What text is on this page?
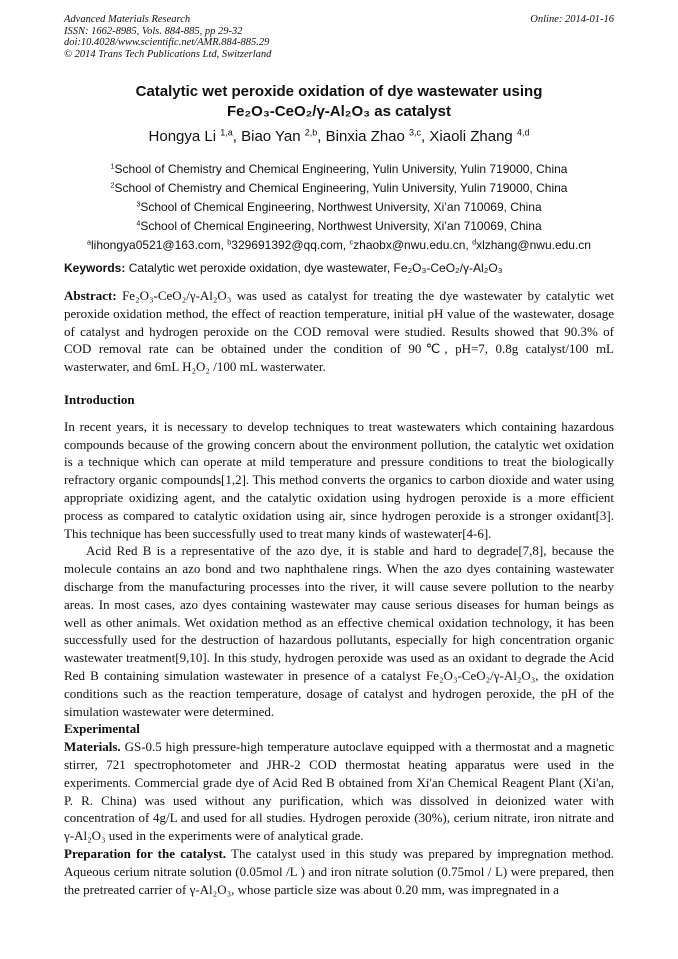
Advanced Materials Research
ISSN: 1662-8985, Vols. 884-885, pp 29-32
doi:10.4028/www.scientific.net/AMR.884-885.29
© 2014 Trans Tech Publications Ltd, Switzerland
Online: 2014-01-16
Catalytic wet peroxide oxidation of dye wastewater using
Fe₂O₃-CeO₂/γ-Al₂O₃ as catalyst
Hongya Li $^{1,a}$, Biao Yan $^{2,b}$, Binxia Zhao $^{3,c}$, Xiaoli Zhang $^{4,d}$
$^1$School of Chemistry and Chemical Engineering, Yulin University, Yulin 719000, China
$^2$School of Chemistry and Chemical Engineering, Yulin University, Yulin 719000, China
$^3$School of Chemical Engineering, Northwest University, Xi’an 710069, China
$^4$School of Chemical Engineering, Northwest University, Xi’an 710069, China
$^a$lihongya0521@163.com, $^b$329691392@qq.com, $^c$zhaobx@nwu.edu.cn, $^d$xlzhang@nwu.edu.cn
Keywords: Catalytic wet peroxide oxidation, dye wastewater, Fe₂O₃-CeO₂/γ-Al₂O₃

Abstract: Fe₂O₃-CeO₂/γ-Al₂O₃ was used as catalyst for treating the dye wastewater by catalytic wet peroxide oxidation method, the effect of reaction temperature, initial pH value of the wastewater, dosage of catalyst and hydrogen peroxide on the COD removal were studied. Results showed that 90.3% of COD removal rate can be obtained under the condition of 90℃, pH=7, 0.8g catalyst/100 mL wasterwater, and 6mL H₂O₂ /100 mL wasterwater.

Introduction

In recent years, it is necessary to develop techniques to treat wastewaters which containing hazardous compounds because of the growing concern about the environment pollution, the catalytic wet oxidation is a technique which can operate at mild temperature and pressure conditions to treat the biologically refractory organic compounds[1,2]. This method converts the organics to carbon dioxide and water using appropriate oxidizing agent, and the catalytic oxidation using hydrogen peroxide is a more efficient process as compared to catalytic oxidation using air, since hydrogen peroxide is a stronger oxidant[3]. This technique has been successfully used to treat many kinds of wastewater[4-6].

Acid Red B is a representative of the azo dye, it is stable and hard to degrade[7,8], because the molecule contains an azo bond and two naphthalene rings. When the azo dyes containing wastewater discharge from the manufacturing processes into the river, it will cause severe pollution to the nearby areas. In most cases, azo dyes containing wastewater may cause serious diseases for human beings as well as other animals. Wet oxidation method as an effective chemical oxidation technology, it has been successfully used for the destruction of hazardous pollutants, especially for high concentration organic wastewater treatment[9,10]. In this study, hydrogen peroxide was used as an oxidant to degrade the Acid Red B containing simulation wastewater in presence of a catalyst Fe₂O₃-CeO₂/γ-Al₂O₃, the oxidation conditions such as the reaction temperature, dosage of catalyst and hydrogen peroxide, the pH of the simulation wastewater were determined.

Experimental

Materials. GS-0.5 high pressure-high temperature autoclave equipped with a thermostat and a magnetic stirrer, 721 spectrophotometer and JHR-2 COD thermostat heating apparatus were used in the experiments. Commercial grade dye of Acid Red B obtained from Xi'an Chemical Reagent Plant (Xi'an, P. R. China) was used without any purification, which was dissolved in deionized water with concentration of 4g/L and used for all studies. Hydrogen peroxide (30%), cerium nitrate, iron nitrate and γ-Al₂O₃ used in the experiments were of analytical grade.

Preparation for the catalyst. The catalyst used in this study was prepared by impregnation method. Aqueous cerium nitrate solution (0.05mol /L ) and iron nitrate solution (0.75mol / L) were prepared, then the pretreated carrier of γ-Al₂O₃, whose particle size was about 0.20 mm, was impregnated in a
